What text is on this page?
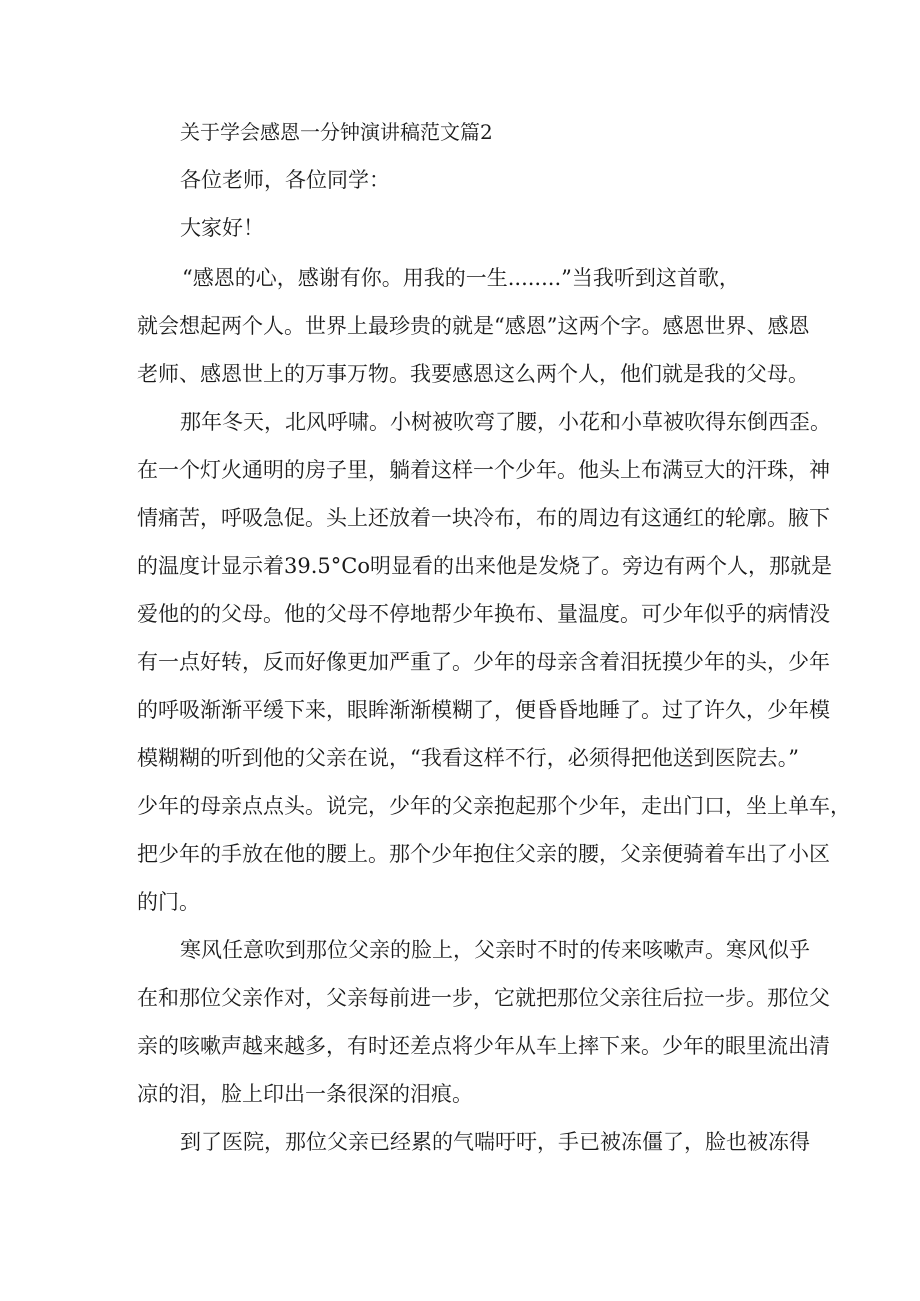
关于学会感恩一分钟演讲稿范文篇2
各位老师，各位同学：
大家好！
“感恩的心，感谢有你。用我的一生........”当我听到这首歌，
就会想起两个人。世界上最珍贵的就是“感恩”这两个字。感恩世界、感恩
老师、感恩世上的万事万物。我要感恩这么两个人，他们就是我的父母。
那年冬天，北风呼啸。小树被吹弯了腰，小花和小草被吹得东倒西歪。
在一个灯火通明的房子里，躺着这样一个少年。他头上布满豆大的汗珠，神
情痛苦，呼吸急促。头上还放着一块冷布，布的周边有这通红的轮廓。腋下
的温度计显示着39.5°Co明显看的出来他是发烧了。旁边有两个人，那就是
爱他的的父母。他的父母不停地帮少年换布、量温度。可少年似乎的病情没
有一点好转，反而好像更加严重了。少年的母亲含着泪抚摸少年的头，少年
的呼吸渐渐平缓下来，眼眸渐渐模糊了，便昏昏地睡了。过了许久，少年模
模糊糊的听到他的父亲在说，“我看这样不行，必须得把他送到医院去。”
少年的母亲点点头。说完，少年的父亲抱起那个少年，走出门口，坐上单车，
把少年的手放在他的腰上。那个少年抱住父亲的腰，父亲便骑着车出了小区
的门。
寒风任意吹到那位父亲的脸上，父亲时不时的传来咳嗽声。寒风似乎
在和那位父亲作对，父亲每前进一步，它就把那位父亲往后拉一步。那位父
亲的咳嗽声越来越多，有时还差点将少年从车上摔下来。少年的眼里流出清
凉的泪，脸上印出一条很深的泪痕。
到了医院，那位父亲已经累的气喘吁吁，手已被冻僵了，脸也被冻得
